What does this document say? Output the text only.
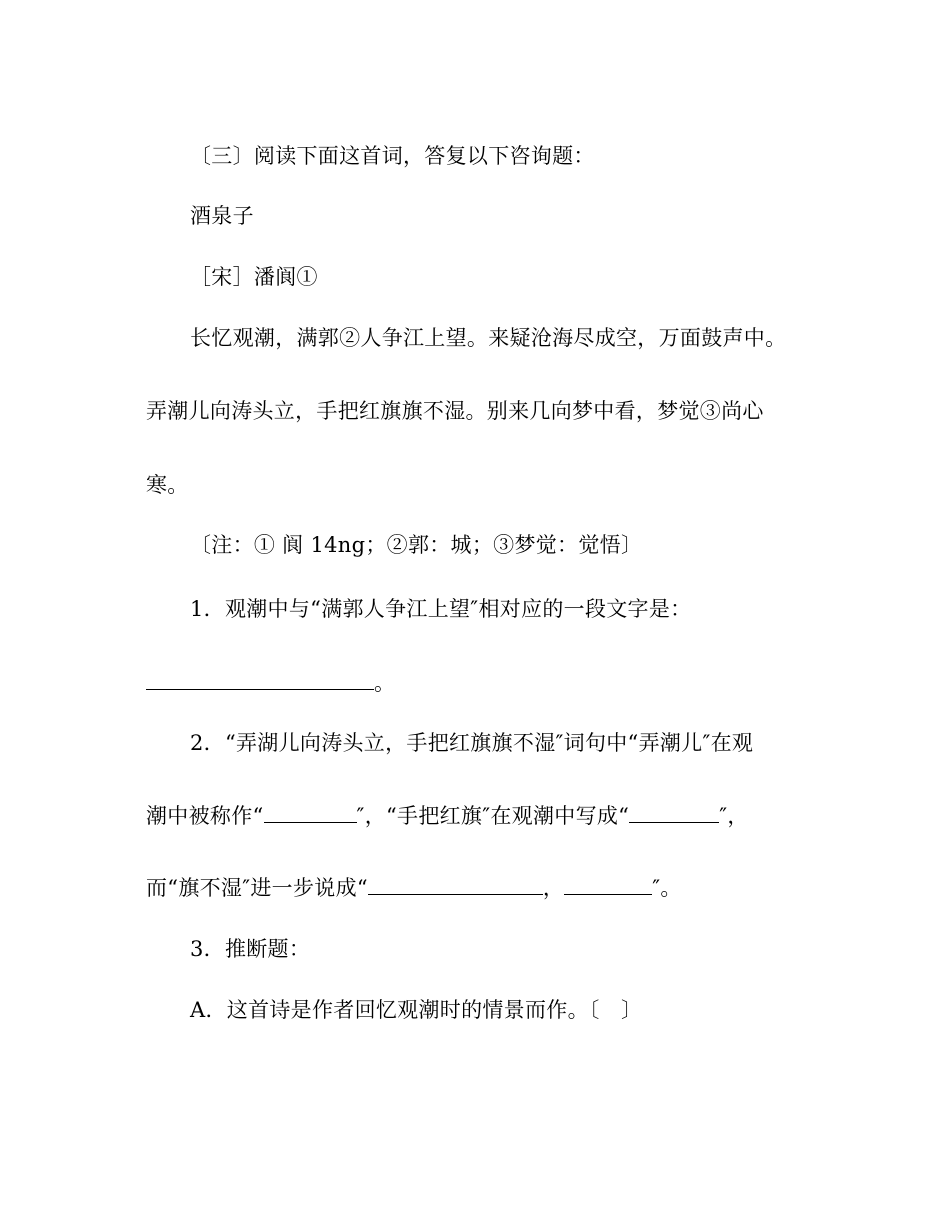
〔三〕阅读下面这首词，答复以下咨询题：
酒泉子
［宋］潘阆①
长忆观潮，满郭②人争江上望。来疑沧海尽成空，万面鼓声中。
弄潮儿向涛头立，手把红旗旗不湿。别来几向梦中看，梦觉③尚心
寒。
〔注：① 阆 14ng；②郭：城；③梦觉：觉悟〕
1．观潮中与“满郭人争江上望″相对应的一段文字是：
。
2．“弄湖儿向涛头立，手把红旗旗不湿″词句中“弄潮儿″在观
潮中被称作“	″，“手把红旗″在观潮中写成“	″，
而“旗不湿″进一步说成“	，	″。
3．推断题：
A．这首诗是作者回忆观潮时的情景而作。〔　〕
